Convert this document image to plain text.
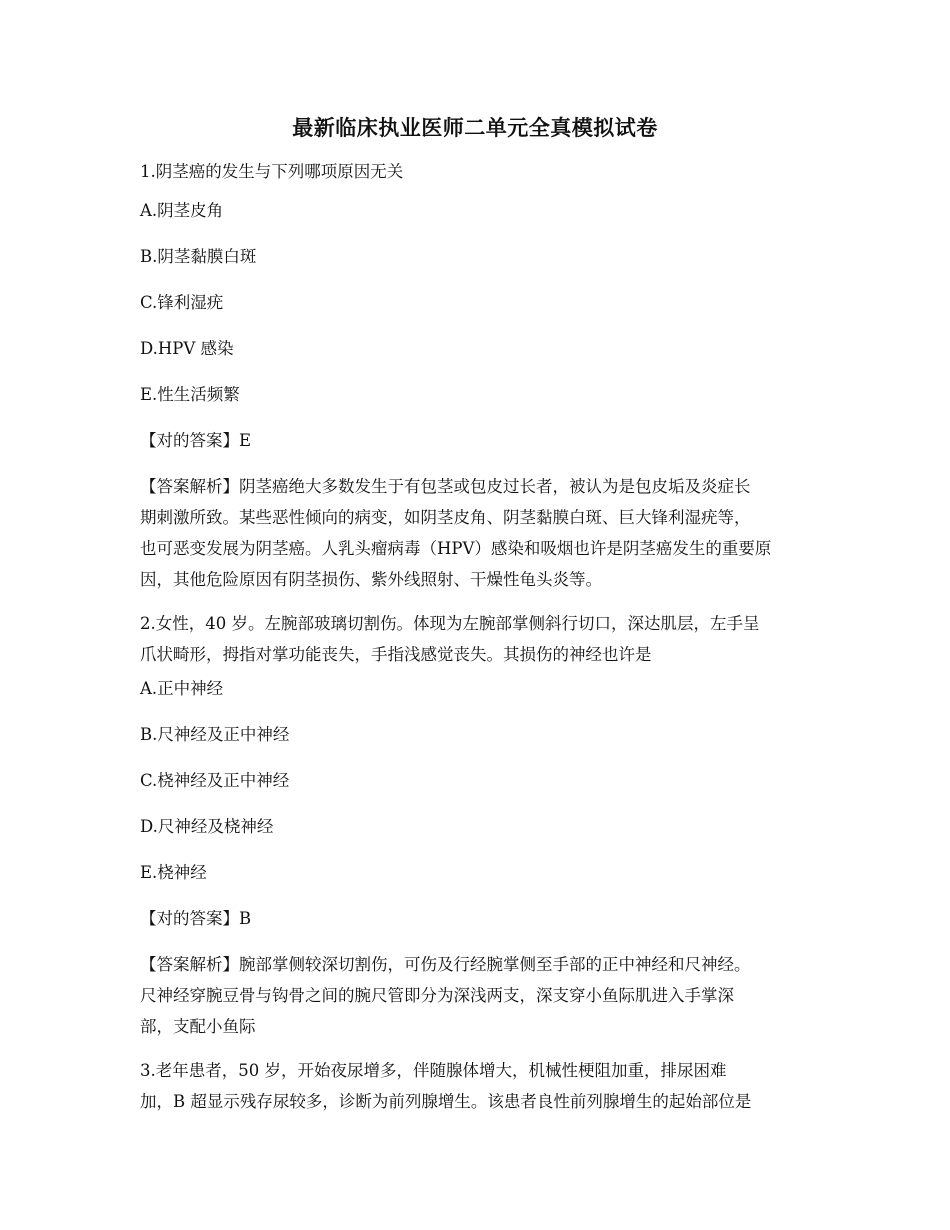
最新临床执业医师二单元全真模拟试卷
1.阴茎癌的发生与下列哪项原因无关
A.阴茎皮角
B.阴茎黏膜白斑
C.锋利湿疣
D.HPV 感染
E.性生活频繁
【对的答案】E
【答案解析】阴茎癌绝大多数发生于有包茎或包皮过长者，被认为是包皮垢及炎症长
期刺激所致。某些恶性倾向的病变，如阴茎皮角、阴茎黏膜白斑、巨大锋利湿疣等，
也可恶变发展为阴茎癌。人乳头瘤病毒（HPV）感染和吸烟也许是阴茎癌发生的重要原
因，其他危险原因有阴茎损伤、紫外线照射、干燥性龟头炎等。
2.女性，40 岁。左腕部玻璃切割伤。体现为左腕部掌侧斜行切口，深达肌层，左手呈
爪状畸形，拇指对掌功能丧失，手指浅感觉丧失。其损伤的神经也许是
A.正中神经
B.尺神经及正中神经
C.桡神经及正中神经
D.尺神经及桡神经
E.桡神经
【对的答案】B
【答案解析】腕部掌侧较深切割伤，可伤及行经腕掌侧至手部的正中神经和尺神经。
尺神经穿腕豆骨与钩骨之间的腕尺管即分为深浅两支，深支穿小鱼际肌进入手掌深
部，支配小鱼际
3.老年患者，50 岁，开始夜尿增多，伴随腺体增大，机械性梗阻加重，排尿困难
加，B 超显示残存尿较多，诊断为前列腺增生。该患者良性前列腺增生的起始部位是
